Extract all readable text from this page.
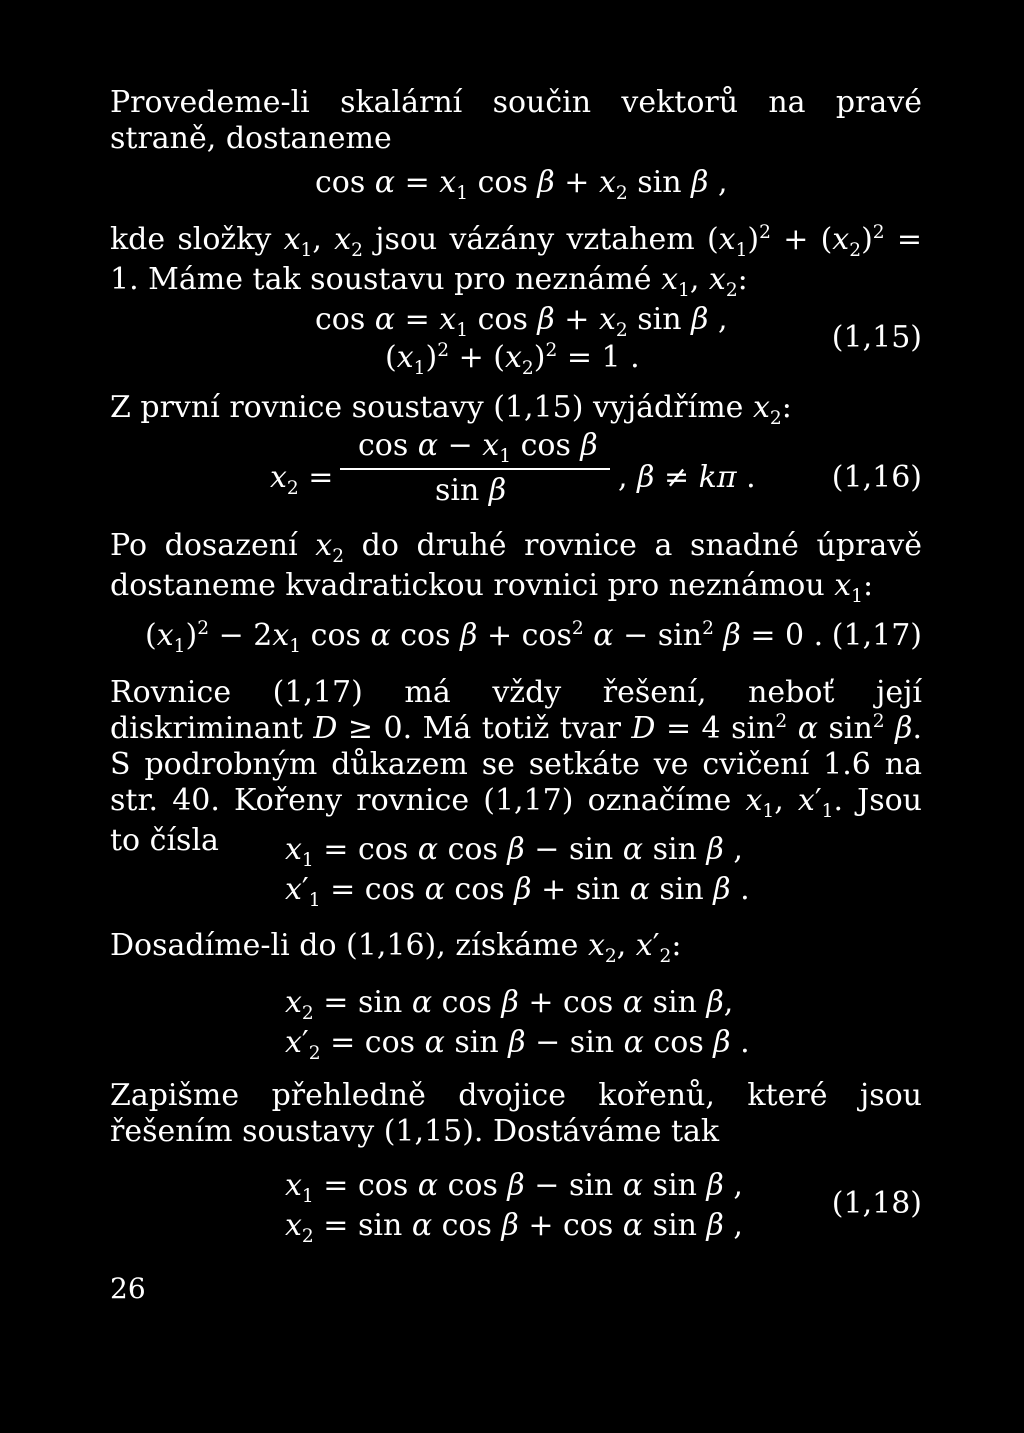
Provedeme-li skalární součin vektorů na pravé straně, dostaneme

$\cos \alpha = x_1$ $\cos \beta + x_2$ sin β ,

kde složky $x_1$, $x_2$ jsou vázány vztahem $(x_1)^2 + (x_2)^2 = 1$. Máme tak soustavu pro neznámé $x_1$, $x_2$:

$\cos \alpha = x_1$ $\cos \beta + x_2$ sin β ,
$(x_1)^2 + (x_2)^2 = 1$ .
(1,15)

Z první rovnice soustavy (1,15) vyjádříme $x_2$:

$x_2$ =
$\cos \alpha - x_1$ cos β
sin β	, β ≠ kπ .	(1,16)

Po dosazení $x_2$ do druhé rovnice a snadné úpravě dostaneme kvadratickou rovnici pro neznámou $x_1$:

$(x_1)^2 - 2x_1$ cos α $\cos \beta + \cos^2 \alpha - \sin^2 \beta = 0$ . (1,17)

Rovnice (1,17) má vždy řešení, neboť její diskriminant D ≥ 0. Má totiž tvar D = 4 $\sin^2 \alpha$ $\sin^2 \beta$. S podrobným důkazem se setkáte ve cvičení 1.6 na str. 40. Kořeny rovnice (1,17) označíme $x_1$, $x'_1$. Jsou to čísla	$x_1 = \cos \alpha$ cos β − sin α sin β ,
$x'_1 = \cos \alpha$ cos β + sin α sin β .

Dosadíme-li do (1,16), získáme $x_2$, $x'_2$:

$x_2 = \sin \alpha$ cos β + cos α sin β,
$x'_2 = \cos \alpha$ sin β − sin α cos β .

Zapišme přehledně dvojice kořenů, které jsou řešením soustavy (1,15). Dostáváme tak

$x_1 = \cos \alpha$ cos β − sin α sin β ,
$x_2 = \sin \alpha$ cos β + cos α sin β ,
(1,18)
26
